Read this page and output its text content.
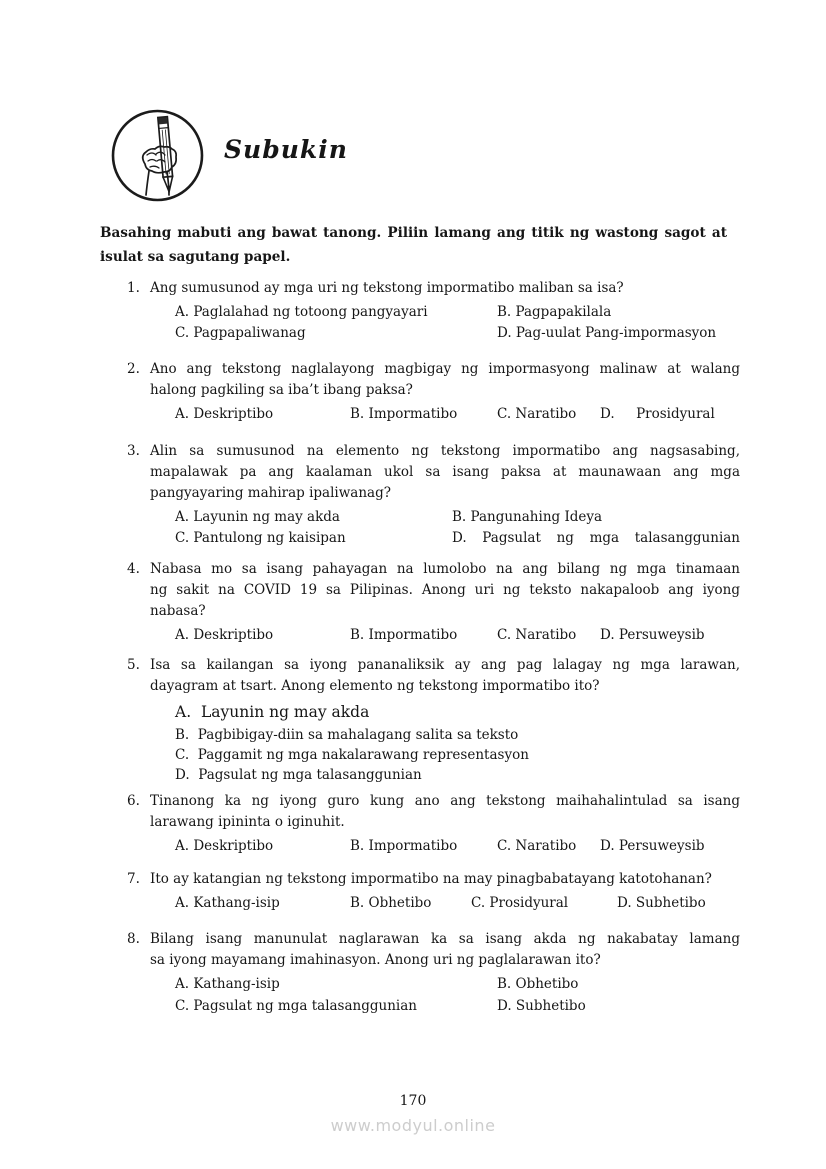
Subukin
Basahing mabuti ang bawat tanong. Piliin lamang ang titik ng wastong sagot at
isulat sa sagutang papel.
1. Ang sumusunod ay mga uri ng tekstong impormatibo maliban sa isa?
A. Paglalahad ng totoong pangyayari	B. Pagpapakilala
C. Pagpapaliwanag	D. Pag-uulat Pang-impormasyon
2. Ano ang tekstong naglalayong magbigay ng impormasyong malinaw at walang
halong pagkiling sa iba’t ibang paksa?
A. Deskriptibo	B. Impormatibo	C. Naratibo D.     Prosidyural
3. Alin sa sumusunod na elemento ng tekstong impormatibo ang nagsasabing,
mapalawak pa ang kaalaman ukol sa isang paksa at maunawaan ang mga
pangyayaring mahirap ipaliwanag?
A. Layunin ng may akda	B. Pangunahing Ideya
C. Pantulong ng kaisipan	D. Pagsulat ng mga talasanggunian
4. Nabasa mo sa isang pahayagan na lumolobo na ang bilang ng mga tinamaan
ng sakit na COVID 19 sa Pilipinas. Anong uri ng teksto nakapaloob ang iyong
nabasa?
A. Deskriptibo	B. Impormatibo	C. Naratibo D. Persuweysib
5. Isa sa kailangan sa iyong pananaliksik ay ang pag lalagay ng mga larawan,
dayagram at tsart. Anong elemento ng tekstong impormatibo ito?
A.  Layunin ng may akda
B.  Pagbibigay-diin sa mahalagang salita sa teksto
C.  Paggamit ng mga nakalarawang representasyon
D.  Pagsulat ng mga talasanggunian
6. Tinanong ka ng iyong guro kung ano ang tekstong maihahalintulad sa isang
larawang ipininta o iginuhit.
A. Deskriptibo	B. Impormatibo	C. Naratibo D. Persuweysib
7. Ito ay katangian ng tekstong impormatibo na may pinagbabatayang katotohanan?
A. Kathang-isip	B. Obhetibo	C. Prosidyural	D. Subhetibo
8. Bilang isang manunulat naglarawan ka sa isang akda ng nakabatay lamang
sa iyong mayamang imahinasyon. Anong uri ng paglalarawan ito?
A. Kathang-isip	B. Obhetibo
C. Pagsulat ng mga talasanggunian	D. Subhetibo
170
www.modyul.online
